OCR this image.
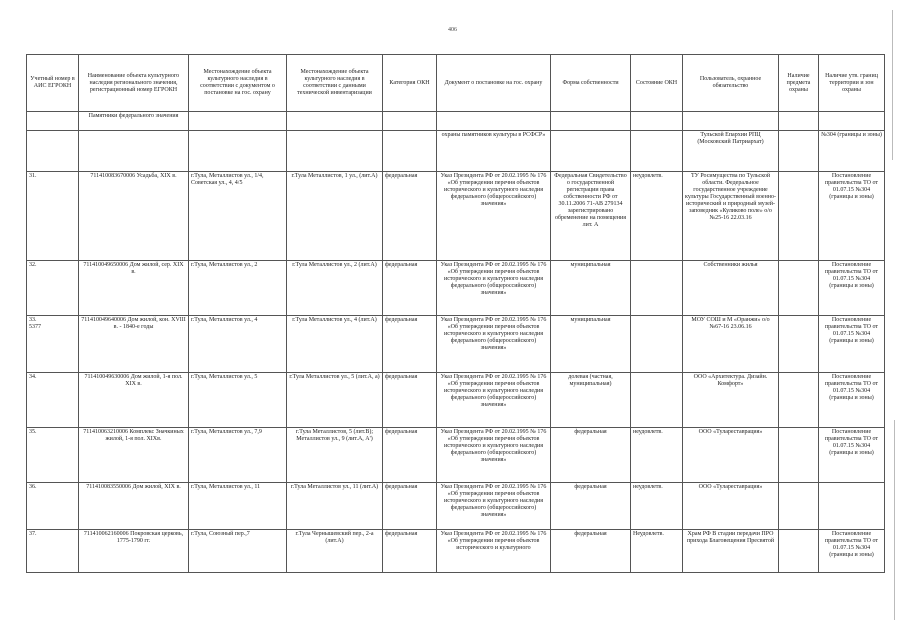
406
Учетный номер в АИС ЕГРОКН	Наименование объекта культурного наследия регионального значения, регистрационный номер ЕГРОКН	Местонахождение объекта культурного наследия в соответствии с документом о постановке на гос. охрану	Местонахождение объекта культурного наследия в соответствии с данными технической инвентаризации	Категория ОКН	Документ о постановке на гос. охрану	Форма собственности	Состояние ОКН	Пользователь, охранное обязательство	Наличие предмета охраны	Наличие утв. границ территории и зон охраны
	Памятники федерального значения									
					охраны памятников культуры в РСФСР»			Тульской Епархии РПЦ (Московский Патриархат)		№304 (границы и зоны)
31.	711410083670006 Усадьба, XIX в.	г.Тула, Металлистов ул., 1/4, Советская ул., 4, 4/5	г.Тула Металлистов, 1 ул., (лит.А)	федеральная	Указ Президента РФ от 20.02.1995 № 176 «Об утверждении перечня объектов исторического и культурного наследия федерального (общероссийского) значения»	Федеральная Свидетельство о государственной регистрации права собственности РФ от 30.11.2006 71-АВ 279134 зарегистрировано обременение на помещения лит. А	неудовлетв.	ТУ Росимущества по Тульской области. Федеральное государственное учреждение культуры Государственный военно-исторический и природный музей-заповедник «Куликово поле» о/о №25-16 22.03.16		Постановление правительства ТО от 01.07.15 №304 (границы и зоны)
32.	711410049650006 Дом жилой, сер. XIX в.	г.Тула, Металлистов ул., 2	г.Тула Металлистов ул., 2 (лит.А)	федеральная	Указ Президента РФ от 20.02.1995 № 176 «Об утверждении перечня объектов исторического и культурного наследия федерального (общероссийского) значения»	муниципальная		Собственники жилья		Постановление правительства ТО от 01.07.15 №304 (границы и зоны)
33.5377	711410049640006 Дом жилой, кон. XVIII в. - 1840-е годы	г.Тула, Металлистов ул., 4	г.Тула Металлистов ул., 4 (лит.А)	федеральная	Указ Президента РФ от 20.02.1995 № 176 «Об утверждении перечня объектов исторического и культурного наследия федерального (общероссийского) значения»	муниципальная		МОУ СОШ и М «Оранжи» о/о №67-16 23.06.16		Постановление правительства ТО от 01.07.15 №304 (границы и зоны)
34.	711410049630006 Дом жилой, 1-я пол. XIX в.	г.Тула, Металлистов ул., 5	г.Тула Металлистов ул., 5 (лит.А, а)	федеральная	Указ Президента РФ от 20.02.1995 № 176 «Об утверждении перечня объектов исторического и культурного наследия федерального (общероссийского) значения»	долевая (частная, муниципальная)		ООО «Архитектура. Дизайн. Комфорт»		Постановление правительства ТО от 01.07.15 №304 (границы и зоны)
35.	711410063210006 Комплекс Значкиных жилой, 1-я пол. XIXв.	г.Тула, Металлистов ул., 7,9	г.Тула Металлистов, 5 (лит.В); Металлистов ул., 9 (лит.А, А')	федеральная	Указ Президента РФ от 20.02.1995 № 176 «Об утверждении перечня объектов исторического и культурного наследия федерального (общероссийского) значения»	федеральная	неудовлетв.	ООО «Тулареставрация»		Постановление правительства ТО от 01.07.15 №304 (границы и зоны)
36.	711410083550006 Дом жилой, XIX в.	г.Тула, Металлистов ул., 11	г.Тула Металлистов ул., 11 (лит.А)	федеральная	Указ Президента РФ от 20.02.1995 № 176 «Об утверждении перечня объектов исторического и культурного наследия федерального (общероссийского) значения»	федеральная	неудовлетв.	ООО «Тулареставрация»		
37.	711410062160006 Покровская церковь, 1775-1790 гг.	г.Тула, Союзный пер.,7	г.Тула Чернышевский пер., 2-а (лит.А)	федеральная	Указ Президента РФ от 20.02.1995 № 176 «Об утверждении перечня объектов исторического и культурного	федеральная	Неудовлетв.	Храм РФ В стадии передачи ПРО прихода Благовещения Пресвятой		Постановление правительства ТО от 01.07.15 №304 (границы и зоны)
